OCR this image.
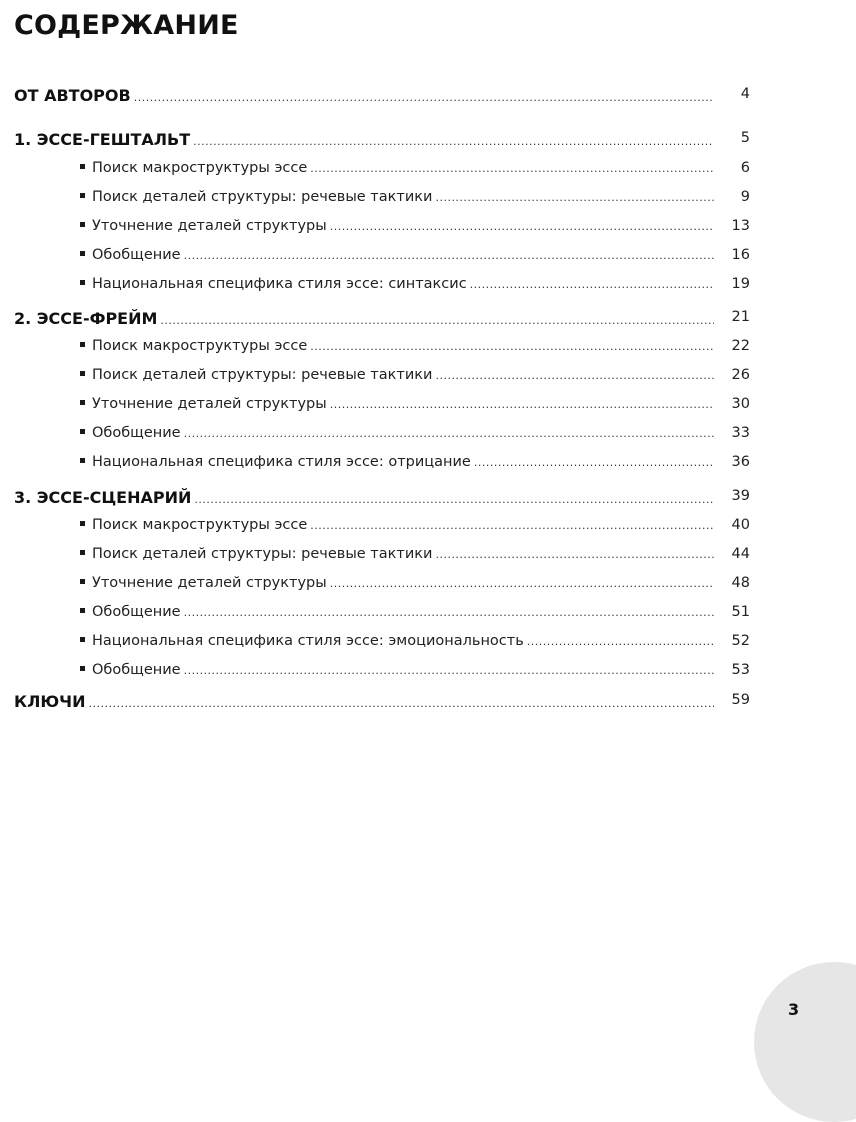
СОДЕРЖАНИЕ
ОТ АВТОРОВ .....	4
1. ЭССЕ-ГЕШТАЛЬТ .....	5
Поиск макроструктуры эссе .....	6
Поиск деталей структуры: речевые тактики .....	9
Уточнение деталей структуры .....	13
Обобщение .....	16
Национальная специфика стиля эссе: синтаксис .....	19
2. ЭССЕ-ФРЕЙМ .....	21
Поиск макроструктуры эссе .....	22
Поиск деталей структуры: речевые тактики .....	26
Уточнение деталей структуры .....	30
Обобщение .....	33
Национальная специфика стиля эссе: отрицание .....	36
3. ЭССЕ-СЦЕНАРИЙ .....	39
Поиск макроструктуры эссе .....	40
Поиск деталей структуры: речевые тактики .....	44
Уточнение деталей структуры .....	48
Обобщение .....	51
Национальная специфика стиля эссе: эмоциональность .....	52
Обобщение .....	53
КЛЮЧИ .....	59
3
